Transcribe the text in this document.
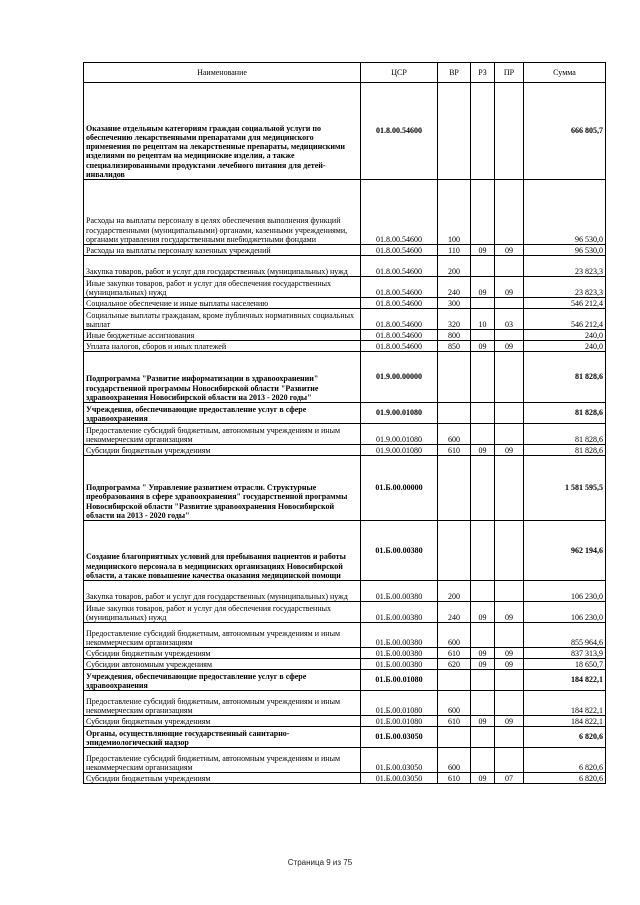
Наименование	ЦСР	ВР	РЗ	ПР	Сумма
Оказание отдельным категориям граждан социальной услуги по обеспечению лекарственными препаратами для медицинского применения по рецептам на лекарственные препараты, медицинскими изделиями по рецептам на медицинские изделия, а также специализированными продуктами лечебного питания для детей-инвалидов	01.8.00.54600				666 805,7
Расходы на выплаты персоналу в целях обеспечения выполнения функций государственными (муниципальными) органами, казенными учреждениями, органами управления государственными внебюджетными фондами	01.8.00.54600	100			96 530,0
Расходы на выплаты персоналу казенных учреждений	01.8.00.54600	110	09	09	96 530,0
Закупка товаров, работ и услуг для государственных (муниципальных) нужд	01.8.00.54600	200			23 823,3
Иные закупки товаров, работ и услуг для обеспечения государственных (муниципальных) нужд	01.8.00.54600	240	09	09	23 823,3
Социальное обеспечение и иные выплаты населению	01.8.00.54600	300			546 212,4
Социальные выплаты гражданам, кроме публичных нормативных социальных выплат	01.8.00.54600	320	10	03	546 212,4
Иные бюджетные ассигнования	01.8.00.54600	800			240,0
Уплата налогов, сборов и иных платежей	01.8.00.54600	850	09	09	240,0
Подпрограмма "Развитие информатизации в здравоохранении" государственной программы Новосибирской области "Развитие здравоохранения Новосибирской области на 2013 - 2020 годы"	01.9.00.00000				81 828,6
Учреждения, обеспечивающие предоставление услуг в сфере здравоохранения	01.9.00.01080				81 828,6
Предоставление субсидий бюджетным, автономным учреждениям и иным некоммерческим организациям	01.9.00.01080	600			81 828,6
Субсидии бюджетным учреждениям	01.9.00.01080	610	09	09	81 828,6
Подпрограмма " Управление развитием отрасли. Структурные преобразования в сфере здравоохранения" государственной программы Новосибирской области "Развитие здравоохранения Новосибирской области на 2013 - 2020 годы"	01.Б.00.00000				1 581 595,5
Создание благоприятных условий для пребывания пациентов и работы медицинского персонала в медицинских организациях Новосибирской области, а также повышение качества оказания медицинской помощи	01.Б.00.00380				962 194,6
Закупка товаров, работ и услуг для государственных (муниципальных) нужд	01.Б.00.00380	200			106 230,0
Иные закупки товаров, работ и услуг для обеспечения государственных (муниципальных) нужд	01.Б.00.00380	240	09	09	106 230,0
Предоставление субсидий бюджетным, автономным учреждениям и иным некоммерческим организациям	01.Б.00.00380	600			855 964,6
Субсидии бюджетным учреждениям	01.Б.00.00380	610	09	09	837 313,9
Субсидии автономным учреждениям	01.Б.00.00380	620	09	09	18 650,7
Учреждения, обеспечивающие предоставление услуг в сфере здравоохранения	01.Б.00.01080				184 822,1
Предоставление субсидий бюджетным, автономным учреждениям и иным некоммерческим организациям	01.Б.00.01080	600			184 822,1
Субсидии бюджетным учреждениям	01.Б.00.01080	610	09	09	184 822,1
Органы, осуществляющие государственный санитарно-эпидемиологический надзор	01.Б.00.03050				6 820,6
Предоставление субсидий бюджетным, автономным учреждениям и иным некоммерческим организациям	01.Б.00.03050	600			6 820,6
Субсидии бюджетным учреждениям	01.Б.00.03050	610	09	07	6 820,6
Страница 9 из 75
